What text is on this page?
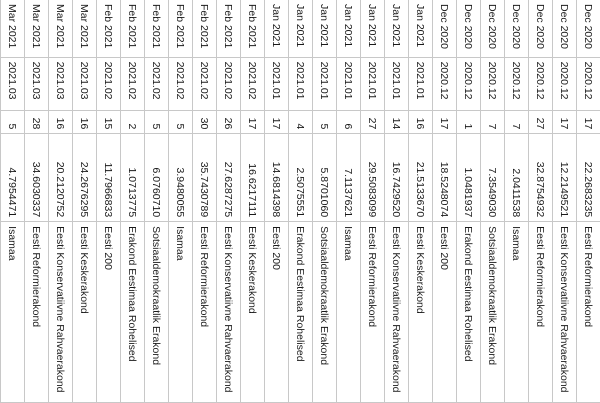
Dec 2020	2020.12	17	22.2683235	Eesti Reformierakond
Dec 2020	2020.12	17	12.2149521	Eesti Konservatiivne Rahvaerakond
Dec 2020	2020.12	27	32.8754932	Eesti Reformierakond
Dec 2020	2020.12	7	2.0411538	Isamaa
Dec 2020	2020.12	7	7.3549030	Sotsiaaldemokraatlik Erakond
Dec 2020	2020.12	1	1.0481937	Erakond Eestimaa Rohelised
Dec 2020	2020.12	17	18.5248074	Eesti 200
Jan 2021	2021.01	16	21.5133670	Eesti Keskerakond
Jan 2021	2021.01	14	16.7429520	Eesti Konservatiivne Rahvaerakond
Jan 2021	2021.01	27	29.5083099	Eesti Reformierakond
Jan 2021	2021.01	6	7.1137621	Isamaa
Jan 2021	2021.01	5	5.8701060	Sotsiaaldemokraatlik Erakond
Jan 2021	2021.01	4	2.5075551	Erakond Eestimaa Rohelised
Jan 2021	2021.01	17	14.6814398	Eesti 200
Feb 2021	2021.02	17	16.6217111	Eesti Keskerakond
Feb 2021	2021.02	26	27.6287275	Eesti Konservatiivne Rahvaerakond
Feb 2021	2021.02	30	35.7430789	Eesti Reformierakond
Feb 2021	2021.02	5	3.9480055	Isamaa
Feb 2021	2021.02	5	6.0760710	Sotsiaaldemokraatlik Erakond
Feb 2021	2021.02	2	1.0713775	Erakond Eestimaa Rohelised
Feb 2021	2021.02	15	11.7966833	Eesti 200
Mar 2021	2021.03	16	24.2676295	Eesti Keskerakond
Mar 2021	2021.03	16	20.2120752	Eesti Konservatiivne Rahvaerakond
Mar 2021	2021.03	28	34.6030337	Eesti Reformierakond
Mar 2021	2021.03	5	4.7954471	Isamaa
